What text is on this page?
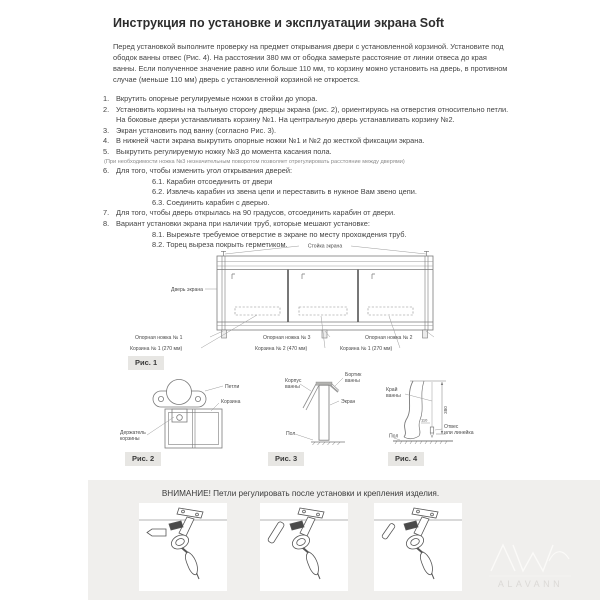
Инструкция по установке и эксплуатации экрана Soft
Перед установкой выполните проверку на предмет открывания двери с установленной корзиной. Установите под ободок ванны отвес (Рис. 4). На расстоянии 380 мм от ободка замерьте расстояние от линии отвеса до края ванны. Если полученное значение равно или больше 110 мм, то корзину можно установить на дверь, в противном случае (меньше 110 мм) дверь с установленной корзиной не откроется.
1. Вкрутить опорные регулируемые ножки в стойки до упора.
2. Установить корзины на тыльную сторону дверцы экрана (рис. 2), ориентируясь на отверстия относительно петли. На боковые двери устанавливать корзину №1. На центральную дверь устанавливать корзину №2.
3. Экран установить под ванну (согласно Рис. 3).
4. В нижней части экрана выкрутить опорные ножки №1 и №2 до жесткой фиксации экрана.
5. Выкрутить регулируемую ножку №3 до момента касания пола.
(При необходимости ножка №3 незначительным поворотом позволяет отрегулировать расстояние между дверями)
6. Для того, чтобы изменить угол открывания дверей:
6.1. Карабин отсоединить от двери
6.2. Извлечь карабин из звена цепи и переставить в нужное Вам звено цепи.
6.3. Соединить карабин с дверью.
7. Для того, чтобы дверь открылась на 90 градусов, отсоединить карабин от двери.
8. Вариант установки экрана при наличии труб, которые мешают установке:
8.1. Вырежьте требуемое отверстие в экране по месту прохождения труб.
8.2. Торец выреза покрыть герметиком.	Стойка экрана
Дверь экрана
Опорная ножка № 1	Опорная ножка № 3	Опорная ножка № 2
Корзина № 1 (270 мм)	Корзина № 2 (470 мм)	Корзина № 1 (270 мм)
Рис. 1
Петли
Корзина
Держатель
корзины
Рис. 2
Корпус
ванны
Бортик
ванны
Экран
Пол
Рис. 3
Край
ванны
380
110
Отвес
или линейка
Пол
Рис. 4
ВНИМАНИЕ! Петли регулировать после установки и крепления изделия.
ALAVANN
